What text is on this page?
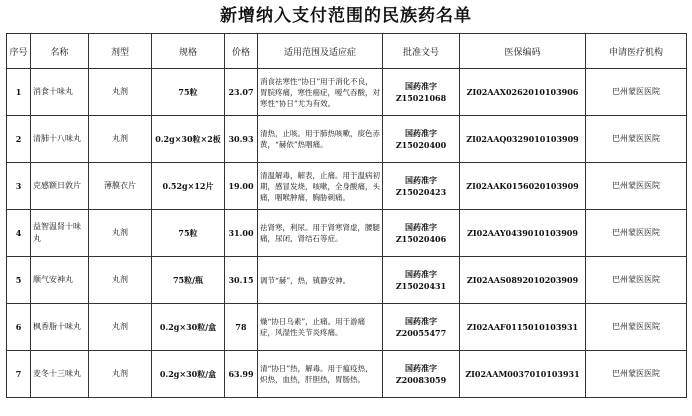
新增纳入支付范围的民族药名单
序号	名称	剂型	规格	价格	适用范围及适应症	批准文号	医保编码	申请医疗机构
1	消食十味丸	丸剂	75粒	23.07	消食祛寒性“协日”用于消化不良，胃脘疼痛，寒性癌症，嗳气吞酸，对寒性“协日”尤为有效。	国药准字Z15021068	ZI02AAX0262010103906	巴州蒙医医院
2	清肺十八味丸	丸剂	0.2g×30粒×2板	30.93	清热，止咳。用于肺热咳嗽，痰色赤黄，“赫依”热咽痛。	国药准字Z15020400	ZI02AAQ0329010103909	巴州蒙医医院
3	克感额日敦片	薄膜衣片	0.52g×12片	19.00	清温解毒，解表，止痛。用于温病初期，感冒发烧，咳嗽，全身酸痛，头痛，咽喉肿痛，胸胁刺痛。	国药准字Z15020423	ZI02AAK0156020103909	巴州蒙医医院
4	益智温肾十味丸	丸剂	75粒	31.00	祛肾寒，利尿。用于肾寒肾虚，腰腿痛，尿闭，肾结石等症。	国药准字Z15020406	ZI02AAY0439010103909	巴州蒙医医院
5	顺气安神丸	丸剂	75粒/瓶	30.15	调节“赫”，热，镇静安神。	国药准字Z15020431	ZI02AAS0892010203909	巴州蒙医医院
6	枫香脂十味丸	丸剂	0.2g×30粒/盒	78	燥“协日乌素”，止痛。用于游痛症，风湿性关节炎疼痛。	国药准字Z20055477	ZI02AAF0115010103931	巴州蒙医医院
7	麦冬十三味丸	丸剂	0.2g×30粒/盒	63.99	清“协日”热，解毒。用于瘟疫热，炽热，血热，肝胆热，胃肠热。	国药准字Z20083059	ZI02AAM0037010103931	巴州蒙医医院
